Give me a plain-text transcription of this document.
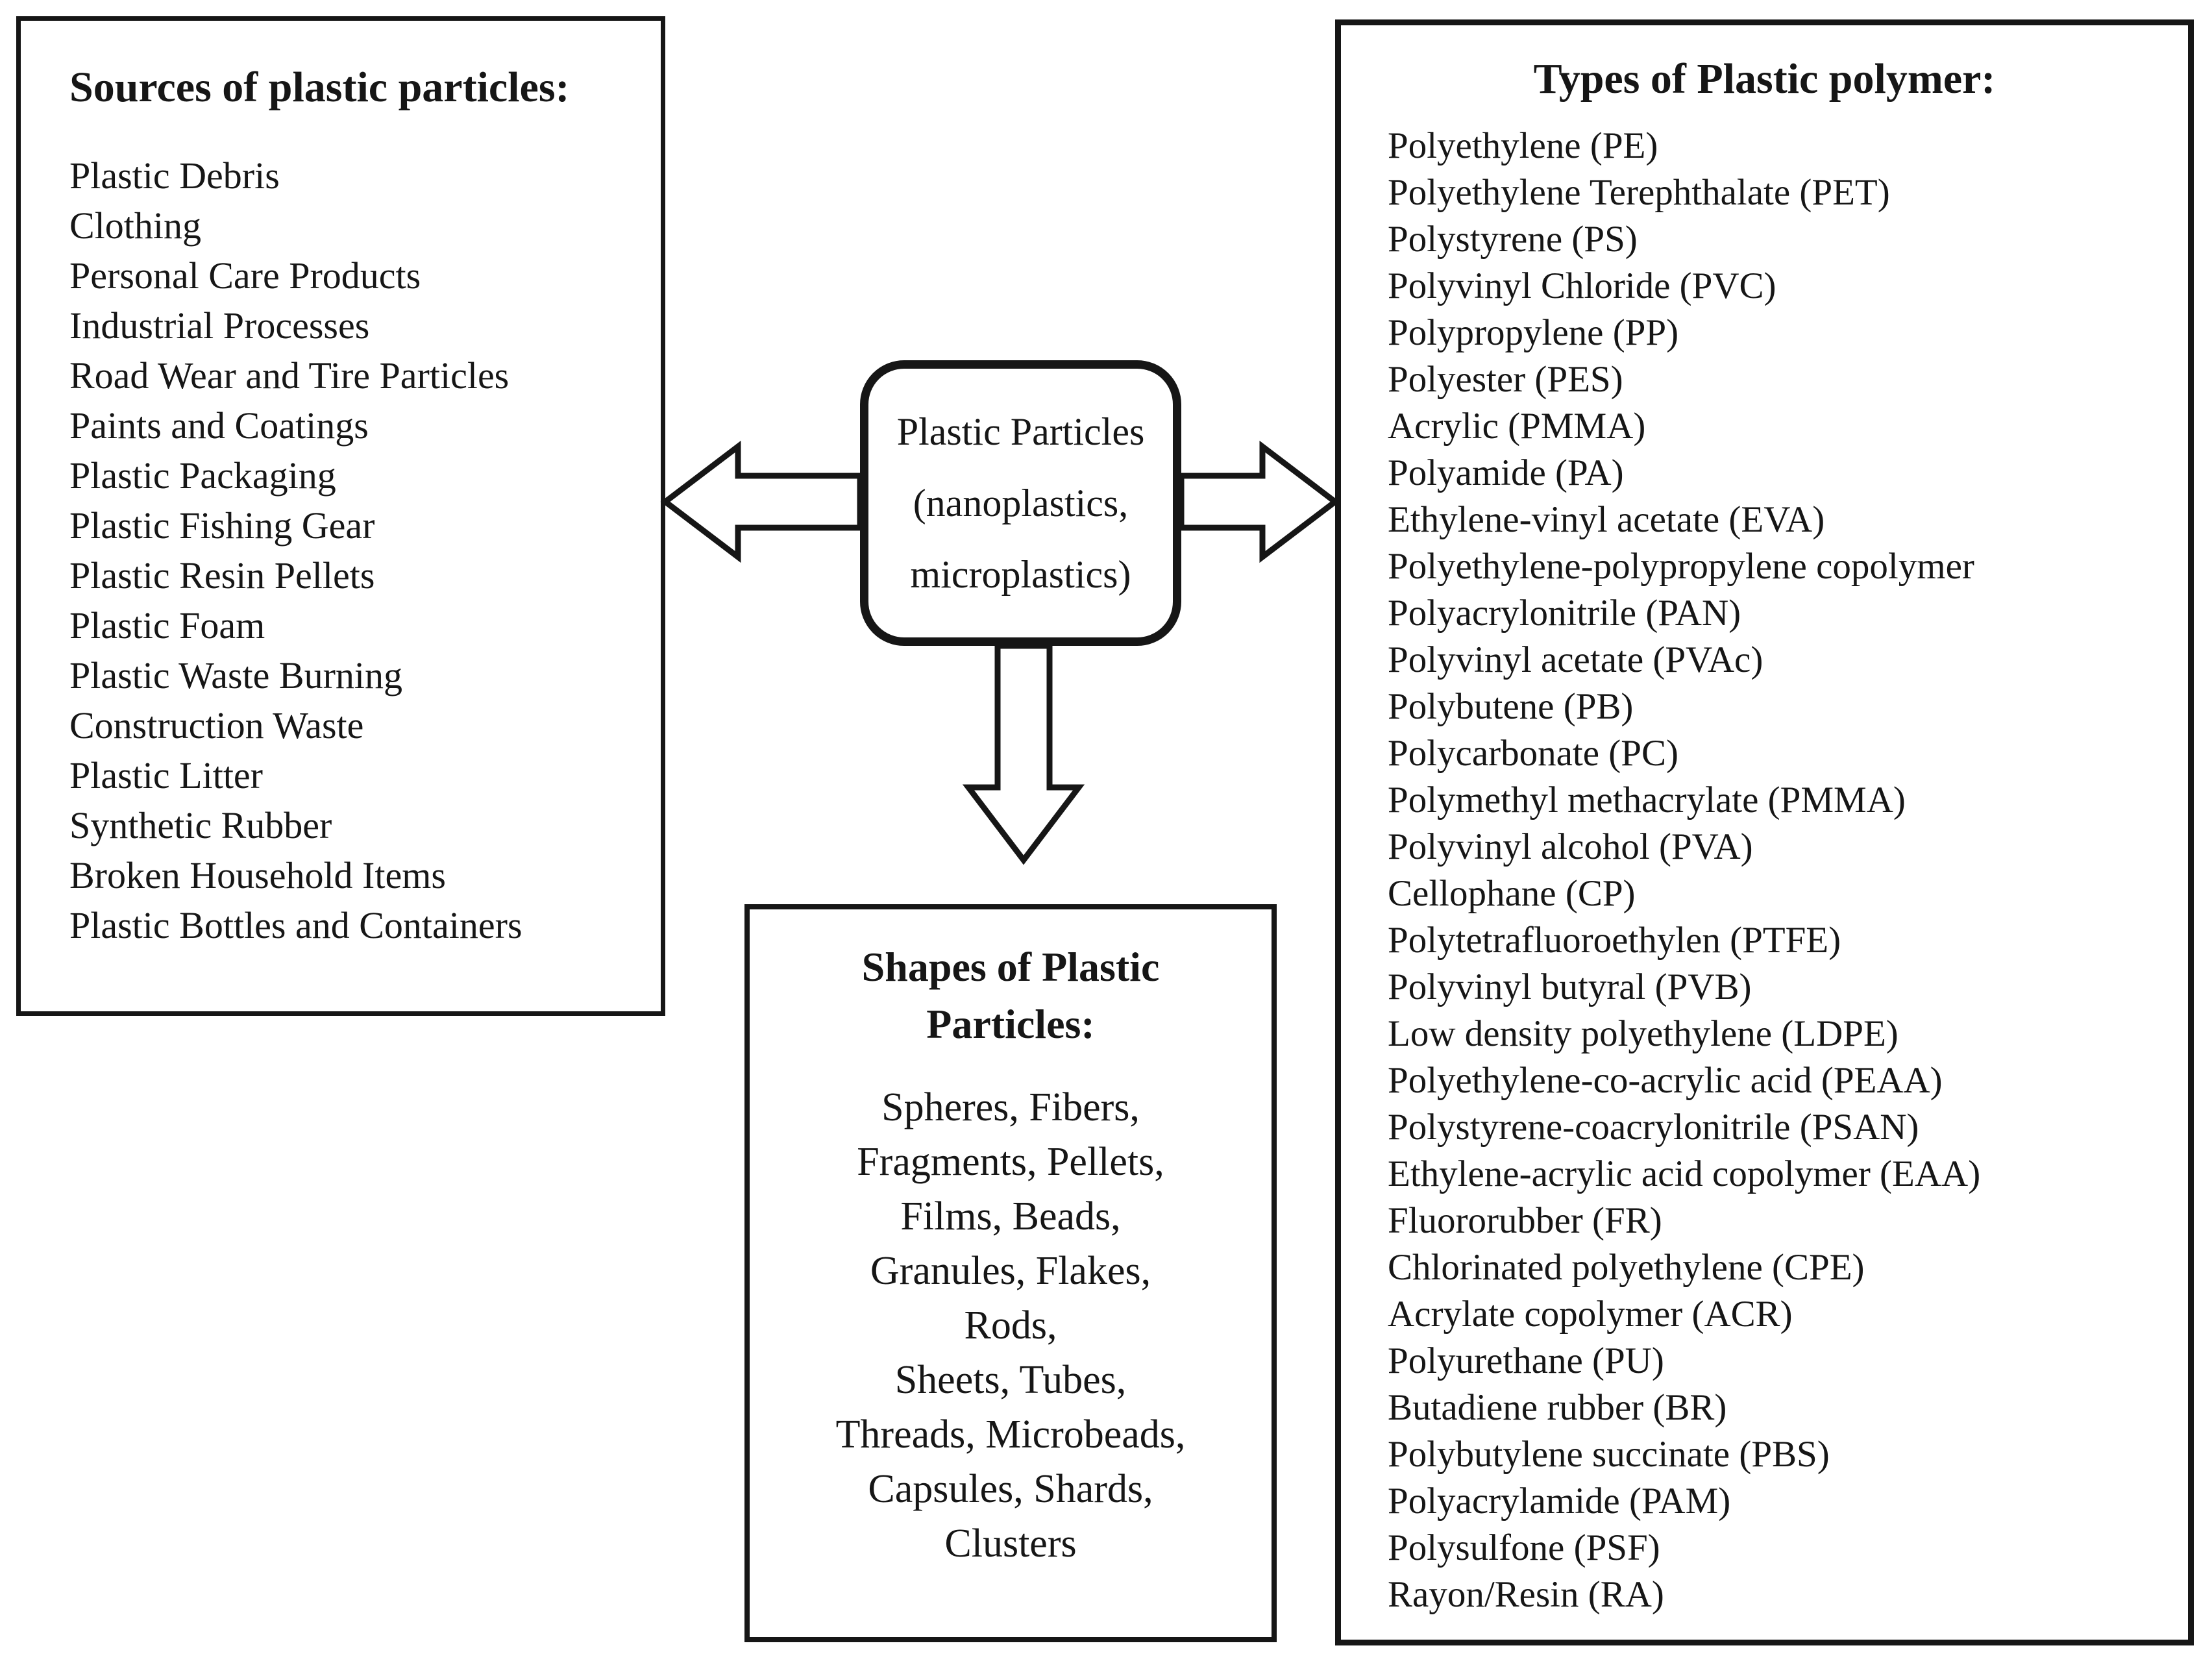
Sources of plastic particles:
Plastic Debris
Clothing
Personal Care Products
Industrial Processes
Road Wear and Tire Particles
Paints and Coatings
Plastic Packaging
Plastic Fishing Gear
Plastic Resin Pellets
Plastic Foam
Plastic Waste Burning
Construction Waste
Plastic Litter
Synthetic Rubber
Broken Household Items
Plastic Bottles and Containers
Types of Plastic polymer:
Polyethylene (PE)
Polyethylene Terephthalate (PET)
Polystyrene (PS)
Polyvinyl Chloride (PVC)
Polypropylene (PP)
Polyester (PES)
Acrylic (PMMA)
Polyamide (PA)
Ethylene-vinyl acetate (EVA)
Polyethylene-polypropylene copolymer
Polyacrylonitrile (PAN)
Polyvinyl acetate (PVAc)
Polybutene (PB)
Polycarbonate (PC)
Polymethyl methacrylate (PMMA)
Polyvinyl alcohol (PVA)
Cellophane (CP)
Polytetrafluoroethylen (PTFE)
Polyvinyl butyral (PVB)
Low density polyethylene (LDPE)
Polyethylene-co-acrylic acid (PEAA)
Polystyrene-coacrylonitrile (PSAN)
Ethylene-acrylic acid copolymer (EAA)
Fluororubber (FR)
Chlorinated polyethylene (CPE)
Acrylate copolymer (ACR)
Polyurethane (PU)
Butadiene rubber (BR)
Polybutylene succinate (PBS)
Polyacrylamide (PAM)
Polysulfone (PSF)
Rayon/Resin (RA)
Shapes of Plastic
Particles:
Spheres, Fibers,
Fragments, Pellets,
Films, Beads,
Granules, Flakes,
Rods,
Sheets, Tubes,
Threads, Microbeads,
Capsules, Shards,
Clusters
Plastic Particles
(nanoplastics,
microplastics)
